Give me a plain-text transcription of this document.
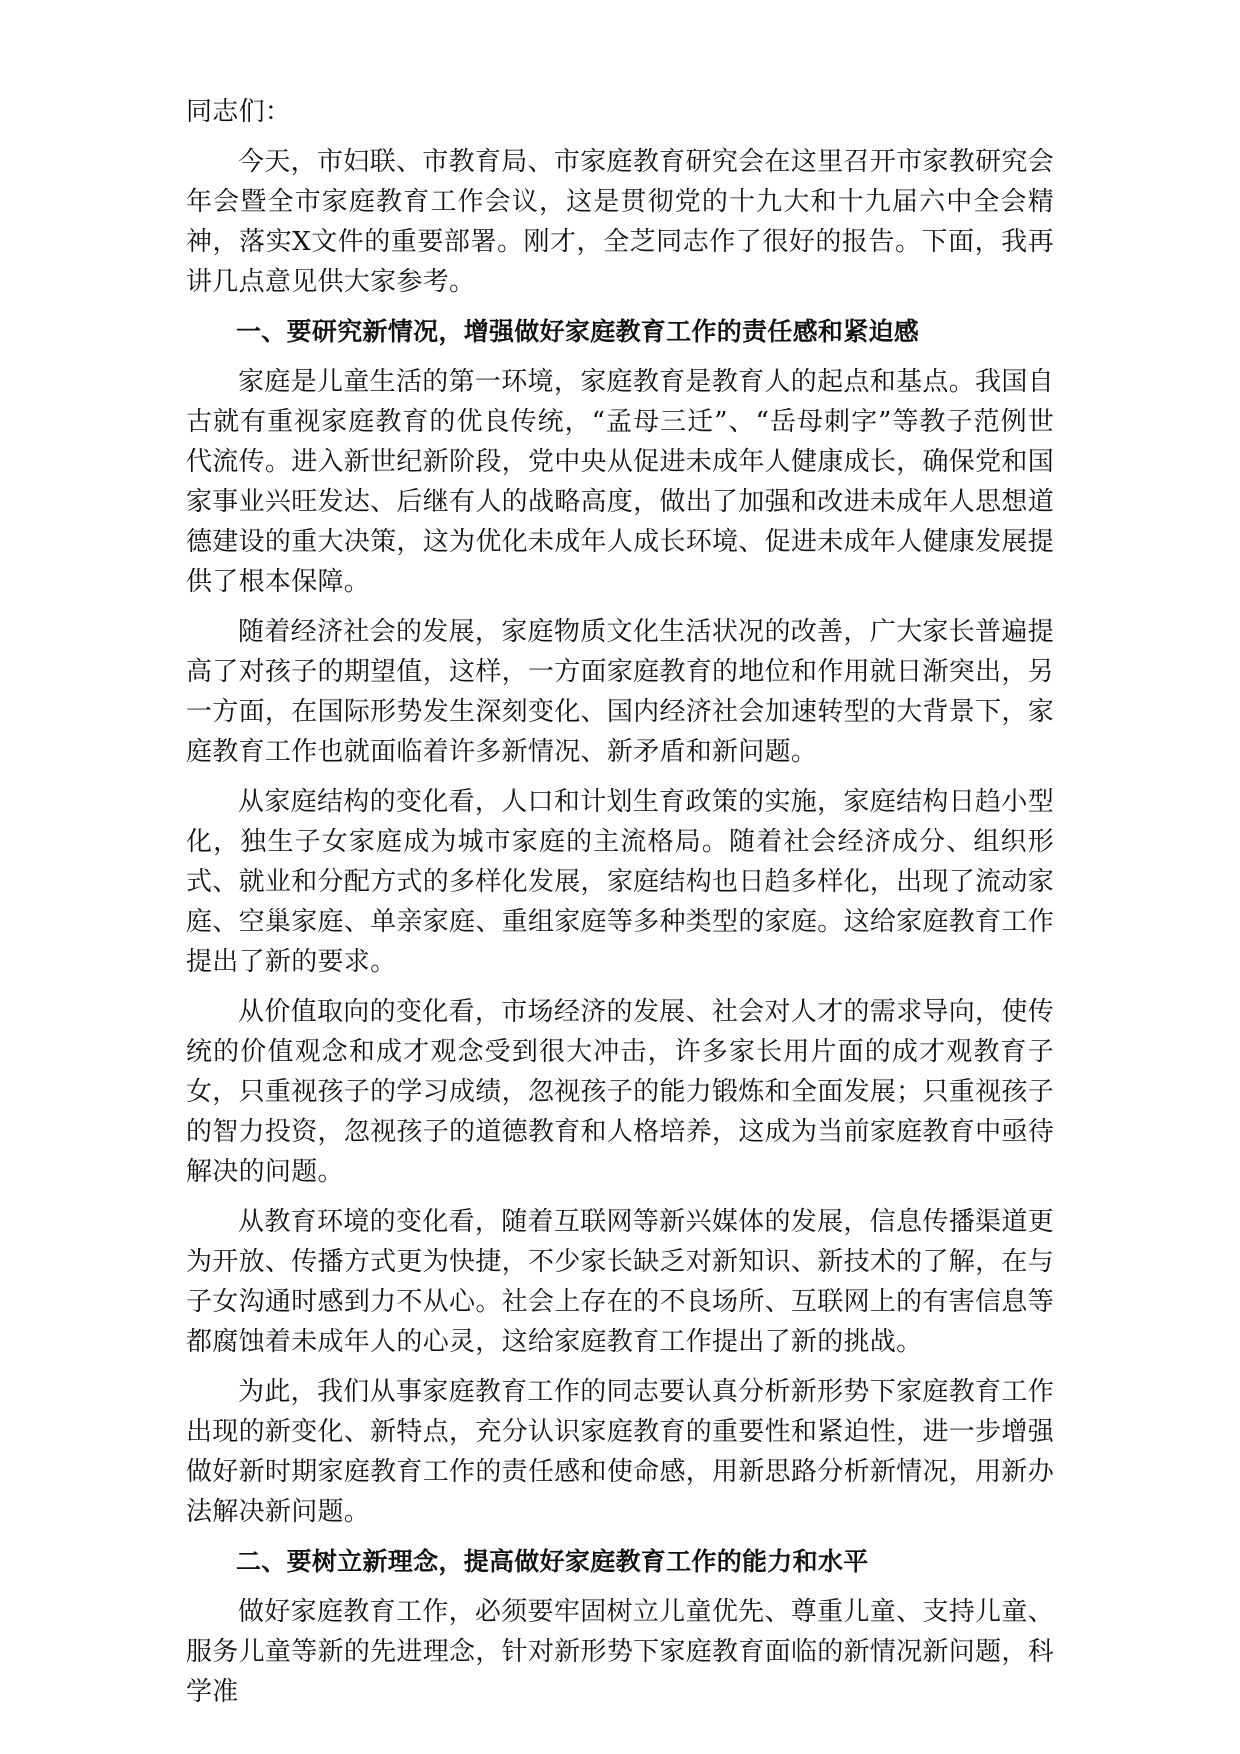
同志们：

今天，市妇联、市教育局、市家庭教育研究会在这里召开市家教研究会年会暨全市家庭教育工作会议，这是贯彻党的十九大和十九届六中全会精神，落实X文件的重要部署。刚才，全芝同志作了很好的报告。下面，我再讲几点意见供大家参考。

一、要研究新情况，增强做好家庭教育工作的责任感和紧迫感

家庭是儿童生活的第一环境，家庭教育是教育人的起点和基点。我国自古就有重视家庭教育的优良传统，“孟母三迁”、“岳母刺字”等教子范例世代流传。进入新世纪新阶段，党中央从促进未成年人健康成长，确保党和国家事业兴旺发达、后继有人的战略高度，做出了加强和改进未成年人思想道德建设的重大决策，这为优化未成年人成长环境、促进未成年人健康发展提供了根本保障。

随着经济社会的发展，家庭物质文化生活状况的改善，广大家长普遍提高了对孩子的期望值，这样，一方面家庭教育的地位和作用就日渐突出，另一方面，在国际形势发生深刻变化、国内经济社会加速转型的大背景下，家庭教育工作也就面临着许多新情况、新矛盾和新问题。

从家庭结构的变化看，人口和计划生育政策的实施，家庭结构日趋小型化，独生子女家庭成为城市家庭的主流格局。随着社会经济成分、组织形式、就业和分配方式的多样化发展，家庭结构也日趋多样化，出现了流动家庭、空巢家庭、单亲家庭、重组家庭等多种类型的家庭。这给家庭教育工作提出了新的要求。

从价值取向的变化看，市场经济的发展、社会对人才的需求导向，使传统的价值观念和成才观念受到很大冲击，许多家长用片面的成才观教育子女，只重视孩子的学习成绩，忽视孩子的能力锻炼和全面发展；只重视孩子的智力投资，忽视孩子的道德教育和人格培养，这成为当前家庭教育中亟待解决的问题。

从教育环境的变化看，随着互联网等新兴媒体的发展，信息传播渠道更为开放、传播方式更为快捷，不少家长缺乏对新知识、新技术的了解，在与子女沟通时感到力不从心。社会上存在的不良场所、互联网上的有害信息等都腐蚀着未成年人的心灵，这给家庭教育工作提出了新的挑战。

为此，我们从事家庭教育工作的同志要认真分析新形势下家庭教育工作出现的新变化、新特点，充分认识家庭教育的重要性和紧迫性，进一步增强做好新时期家庭教育工作的责任感和使命感，用新思路分析新情况，用新办法解决新问题。

二、要树立新理念，提高做好家庭教育工作的能力和水平

做好家庭教育工作，必须要牢固树立儿童优先、尊重儿童、支持儿童、服务儿童等新的先进理念，针对新形势下家庭教育面临的新情况新问题，科学准
